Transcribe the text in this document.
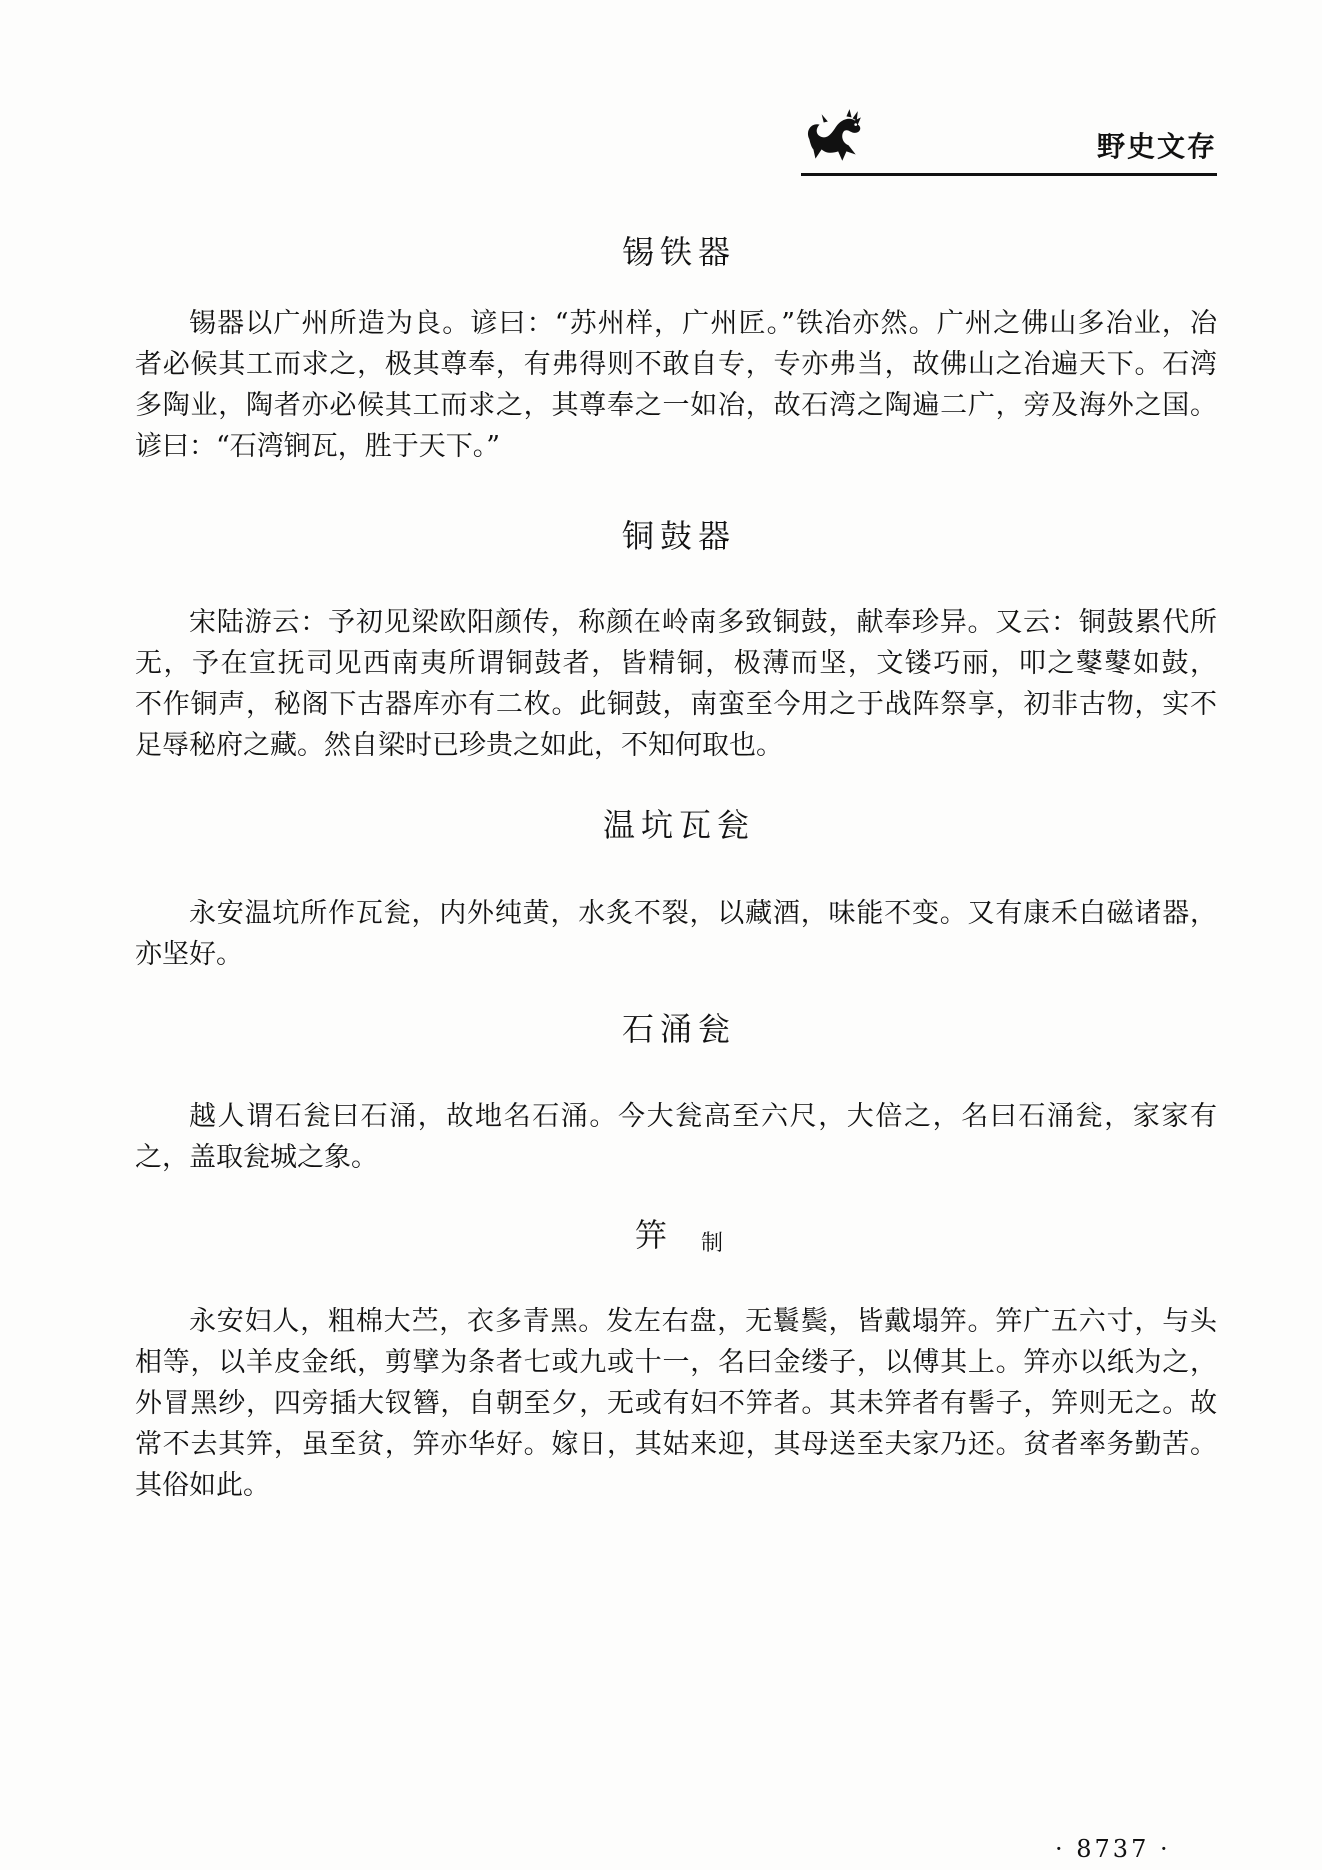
野史文存
锡铁器
锡器以广州所造为良。谚曰：“苏州样，广州匠。”铁冶亦然。广州之佛山多冶业，冶
者必候其工而求之，极其尊奉，有弗得则不敢自专，专亦弗当，故佛山之冶遍天下。石湾
多陶业，陶者亦必候其工而求之，其尊奉之一如冶，故石湾之陶遍二广，旁及海外之国。
谚曰：“石湾锏瓦，胜于天下。”
铜鼓器
宋陆游云：予初见梁欧阳颜传，称颜在岭南多致铜鼓，献奉珍异。又云：铜鼓累代所
无，予在宣抚司见西南夷所谓铜鼓者，皆精铜，极薄而坚，文镂巧丽，叩之鼕鼕如鼓，
不作铜声，秘阁下古器库亦有二枚。此铜鼓，南蛮至今用之于战阵祭享，初非古物，实不
足辱秘府之藏。然自梁时已珍贵之如此，不知何取也。
温坑瓦瓮
永安温坑所作瓦瓮，内外纯黄，水炙不裂，以藏酒，味能不变。又有康禾白磁诸器，
亦坚好。
石涌瓮
越人谓石瓮曰石涌，故地名石涌。今大瓮高至六尺，大倍之，名曰石涌瓮，家家有
之，盖取瓮城之象。
笄 制
永安妇人，粗棉大苎，衣多青黑。发左右盘，无鬟鬓，皆戴塌笄。笄广五六寸，与头
相等，以羊皮金纸，剪擘为条者七或九或十一，名曰金缕子，以傅其上。笄亦以纸为之，
外冒黑纱，四旁插大钗簪，自朝至夕，无或有妇不笄者。其未笄者有髻子，笄则无之。故
常不去其笄，虽至贫，笄亦华好。嫁日，其姑来迎，其母送至夫家乃还。贫者率务勤苦。
其俗如此。
· 8737 ·
